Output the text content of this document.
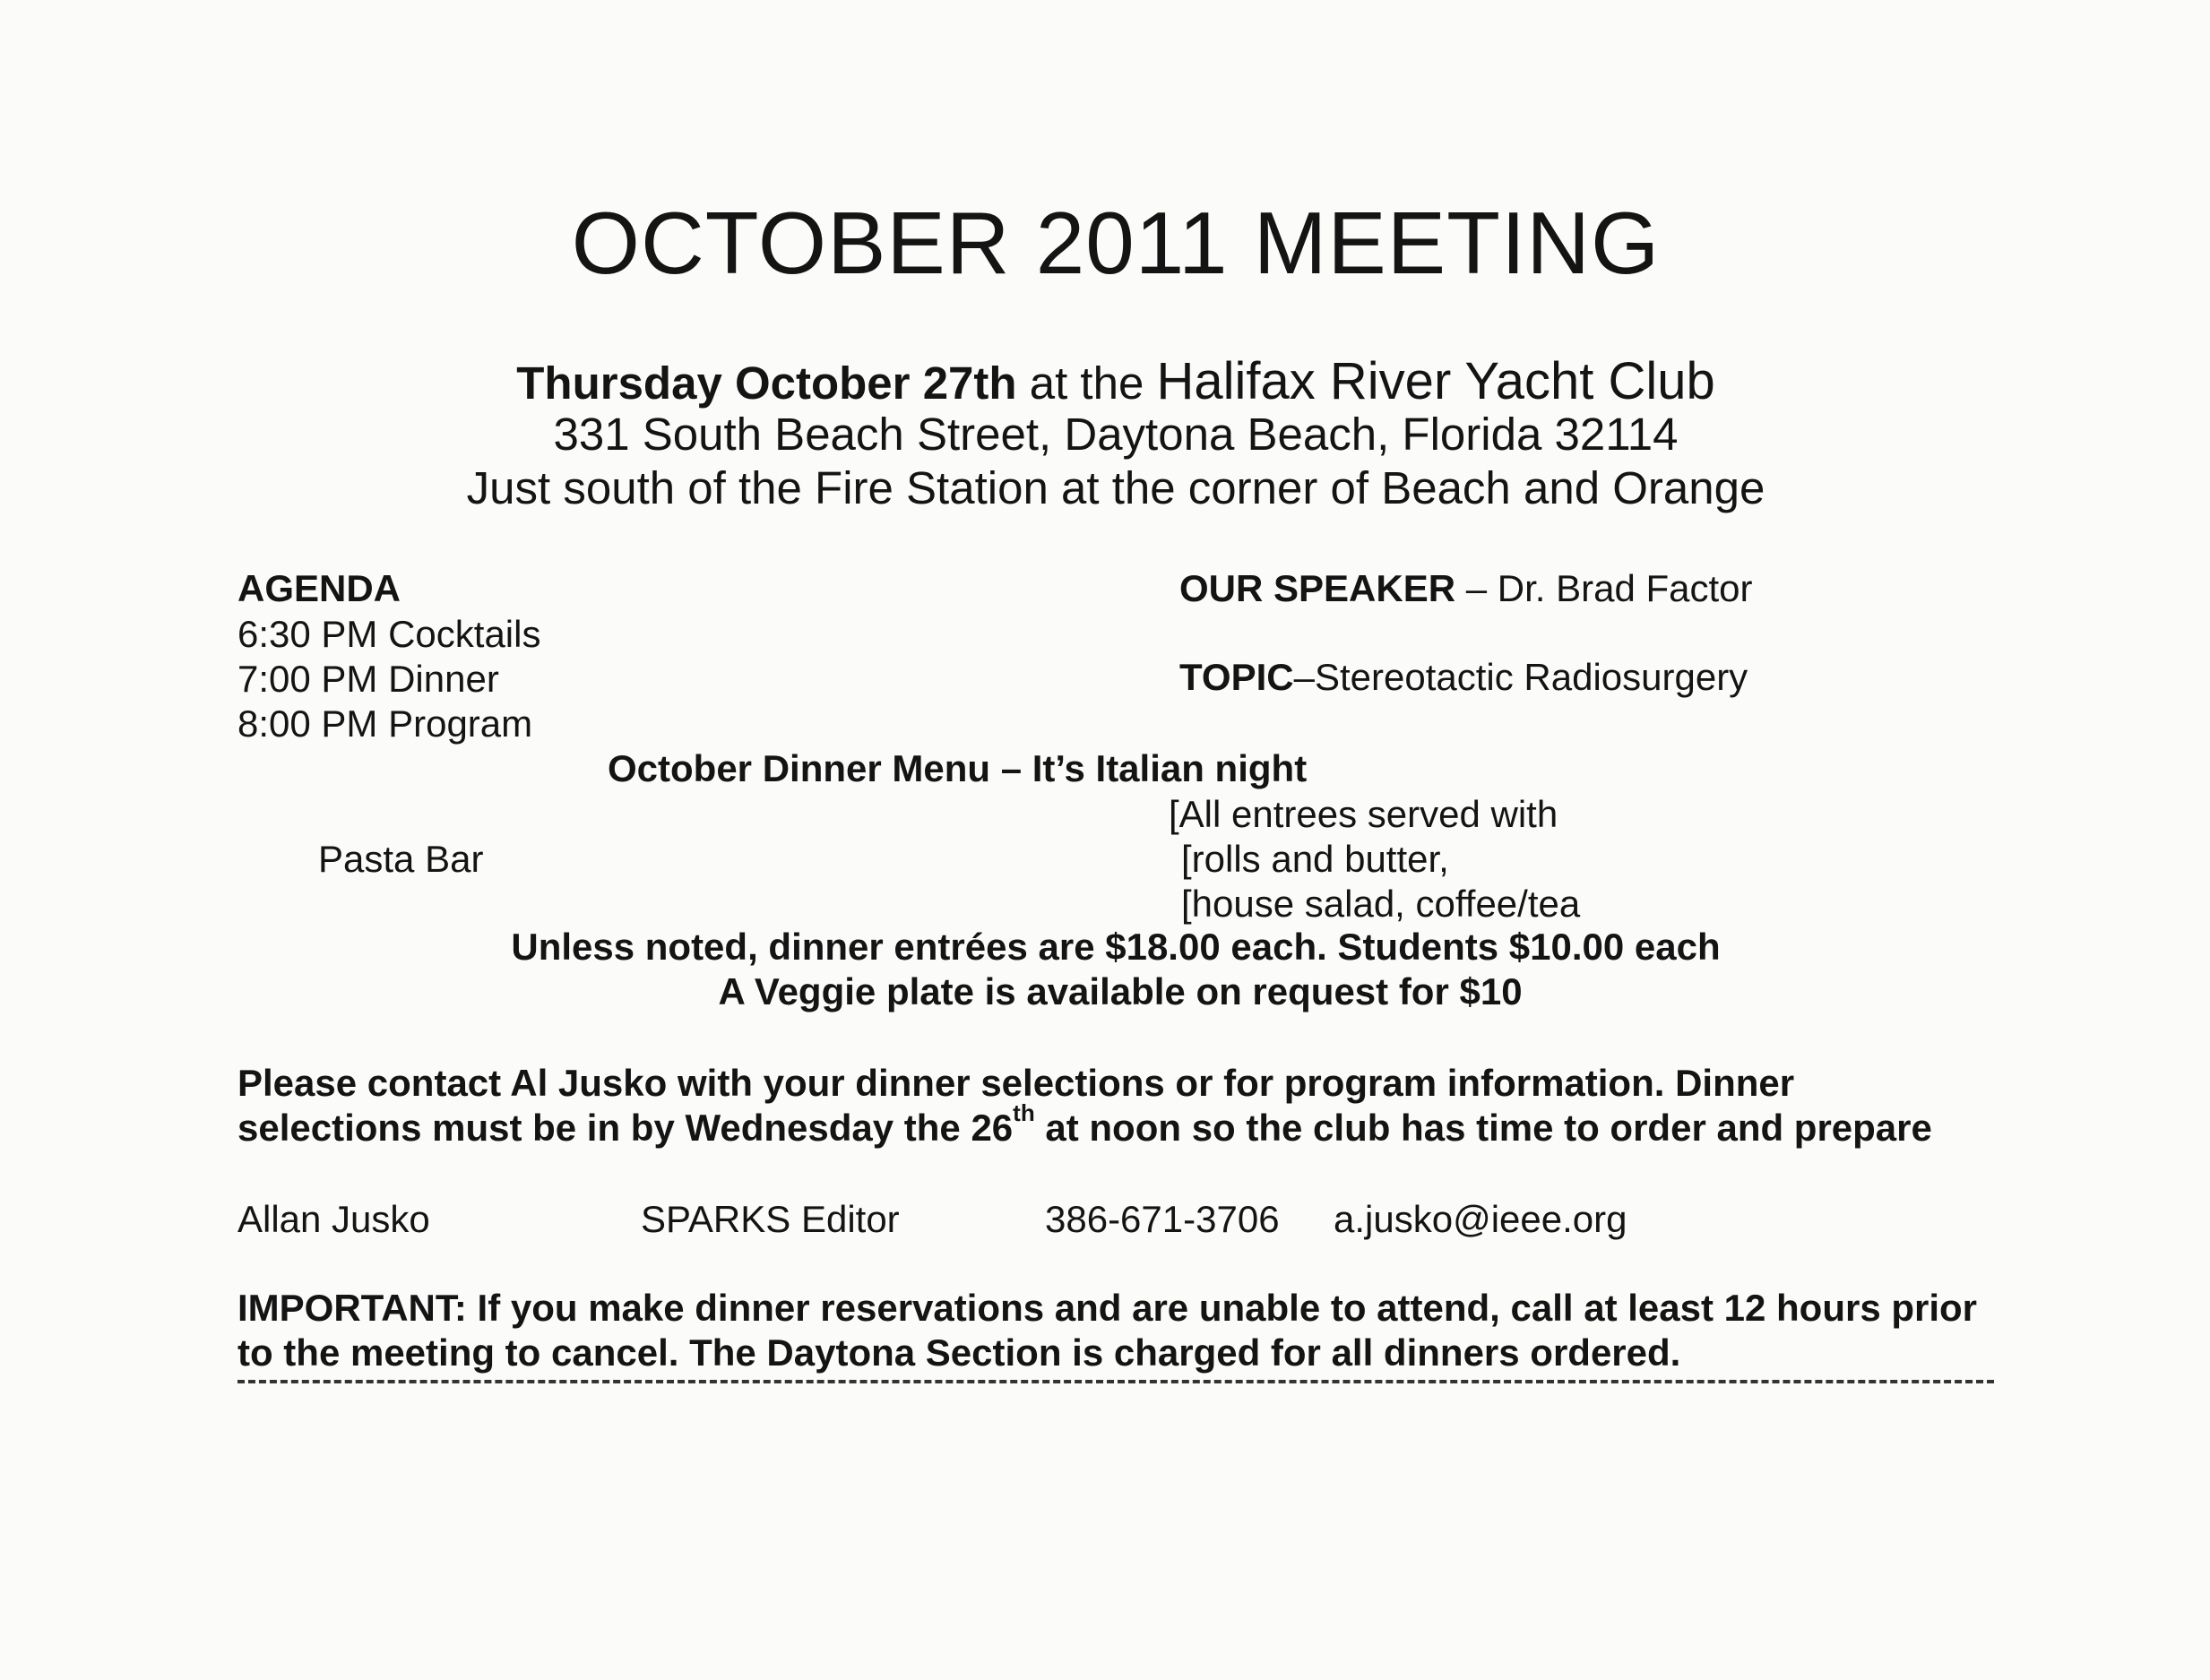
OCTOBER 2011 MEETING
Thursday October 27th at the Halifax River Yacht Club
331 South Beach Street, Daytona Beach, Florida 32114
Just south of the Fire Station at the corner of Beach and Orange
AGENDA
6:30 PM Cocktails
7:00 PM Dinner
8:00 PM Program
OUR SPEAKER – Dr. Brad Factor
TOPIC–Stereotactic Radiosurgery
October Dinner Menu – It’s Italian night
Pasta Bar
[All entrees served with
[rolls and butter,
[house salad, coffee/tea
Unless noted, dinner entrées are $18.00 each. Students $10.00 each
A Veggie plate is available on request for $10
Please contact Al Jusko with your dinner selections or for program information. Dinner
selections must be in by Wednesday the 26th at noon so the club has time to order and prepare
Allan Jusko	SPARKS Editor	386-671-3706 a.jusko@ieee.org
IMPORTANT: If you make dinner reservations and are unable to attend, call at least 12 hours prior
to the meeting to cancel. The Daytona Section is charged for all dinners ordered.
